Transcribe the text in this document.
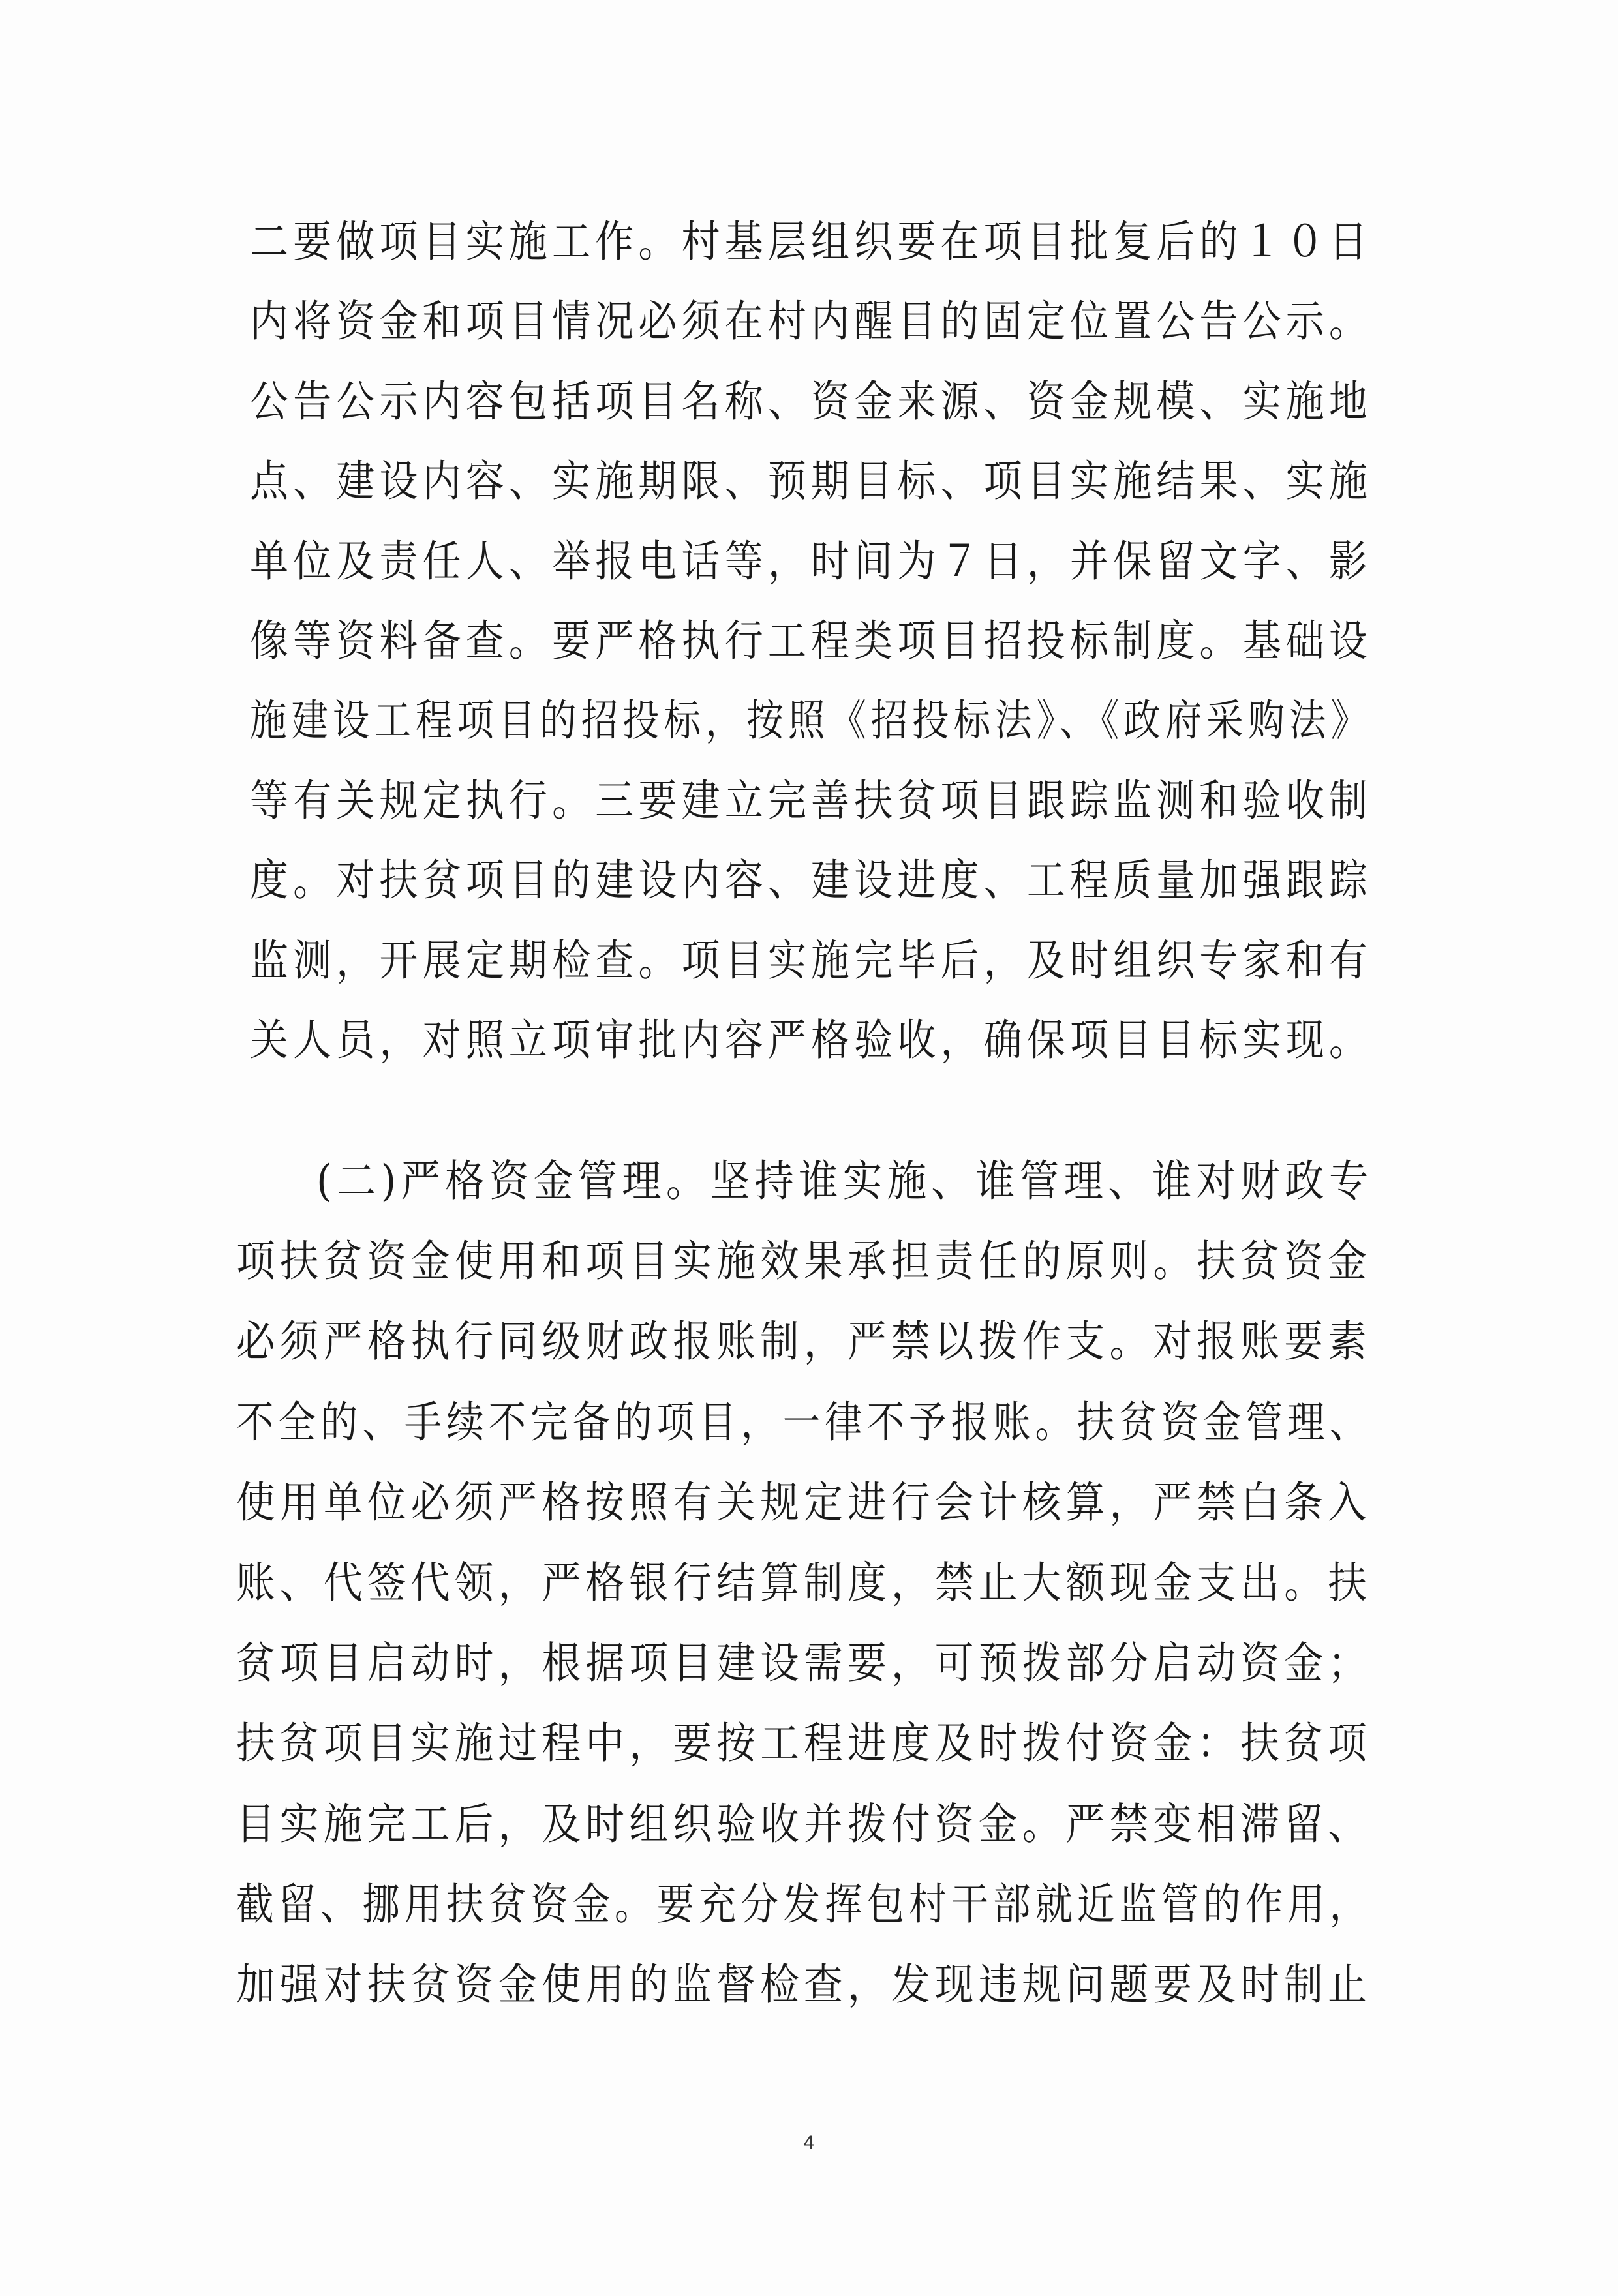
二要做项目实施工作。村基层组织要在项目批复后的１０日
内将资金和项目情况必须在村内醒目的固定位置公告公示。
公告公示内容包括项目名称、资金来源、资金规模、实施地
点、建设内容、实施期限、预期目标、项目实施结果、实施
单位及责任人、举报电话等，时间为７日，并保留文字、影
像等资料备查。要严格执行工程类项目招投标制度。基础设
施建设工程项目的招投标，按照《招投标法》、《政府采购法》
等有关规定执行。三要建立完善扶贫项目跟踪监测和验收制
度。对扶贫项目的建设内容、建设进度、工程质量加强跟踪
监测，开展定期检查。项目实施完毕后，及时组织专家和有
关人员，对照立项审批内容严格验收，确保项目目标实现。
(二)严格资金管理。坚持谁实施、谁管理、谁对财政专
项扶贫资金使用和项目实施效果承担责任的原则。扶贫资金
必须严格执行同级财政报账制，严禁以拨作支。对报账要素
不全的、手续不完备的项目，一律不予报账。扶贫资金管理、
使用单位必须严格按照有关规定进行会计核算，严禁白条入
账、代签代领，严格银行结算制度，禁止大额现金支出。扶
贫项目启动时，根据项目建设需要，可预拨部分启动资金；
扶贫项目实施过程中，要按工程进度及时拨付资金：扶贫项
目实施完工后，及时组织验收并拨付资金。严禁变相滞留、
截留、挪用扶贫资金。要充分发挥包村干部就近监管的作用，
加强对扶贫资金使用的监督检查，发现违规问题要及时制止
4
